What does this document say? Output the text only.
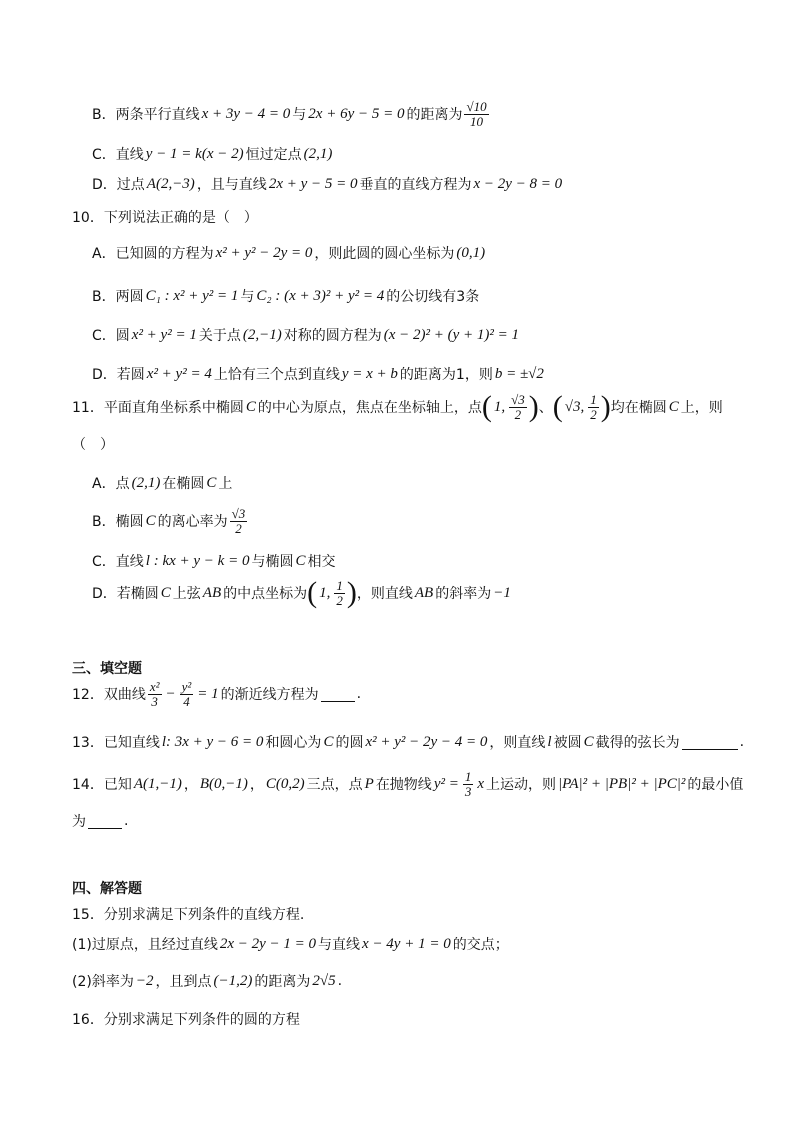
B．两条平行直线 x + 3y − 4 = 0 与 2x + 6y − 5 = 0 的距离为 $\frac{√10}{10}$
C．直线 y − 1 = k(x − 2) 恒过定点 (2,1)
D．过点 A(2,−3) ，且与直线 2x + y − 5 = 0 垂直的直线方程为 x − 2y − 8 = 0
10．下列说法正确的是（　）
A．已知圆的方程为 x² + y² − 2y = 0 ，则此圆的圆心坐标为 (0,1)
B．两圆 C₁ : x² + y² = 1 与 C₂ : (x + 3)² + y² = 4 的公切线有3条
C．圆 x² + y² = 1 关于点 (2,−1) 对称的圆方程为 (x − 2)² + (y + 1)² = 1
D．若圆 x² + y² = 4 上恰有三个点到直线 y = x + b 的距离为1，则 b = ±√2
11．平面直角坐标系中椭圆 C 的中心为原点，焦点在坐标轴上，点 ( 1, $\frac{√3}{2}$ ) 、 ( √3, $\frac{1}{2}$ ) 均在椭圆 C 上，则
（　）
A．点 (2,1) 在椭圆 C 上
B．椭圆 C 的离心率为 $\frac{√3}{2}$
C．直线 l : kx + y − k = 0 与椭圆 C 相交
D．若椭圆 C 上弦 AB 的中点坐标为 ( 1, $\frac{1}{2}$ ) ，则直线 AB 的斜率为 −1
三、填空题
12．双曲线 $\frac{\text{x²}}{3} - \frac{\text{y²}}{4} = 1$ 的渐近线方程为	.
13．已知直线 l: 3x + y − 6 = 0 和圆心为 C 的圆 x² + y² − 2y − 4 = 0 ，则直线 l 被圆 C 截得的弦长为	.
14．已知 A(1,−1) ， B(0,−1) ， C(0,2) 三点，点 P 在抛物线 $y^2 = \frac{1}{3}$ x 上运动，则 |PA|² + |PB|² + |PC|² 的最小值
为	.
四、解答题
15．分别求满足下列条件的直线方程.
(1)过原点，且经过直线 2x − 2y − 1 = 0 与直线 x − 4y + 1 = 0 的交点；
(2)斜率为 −2 ，且到点 (−1,2) 的距离为 2√5 .
16．分别求满足下列条件的圆的方程
